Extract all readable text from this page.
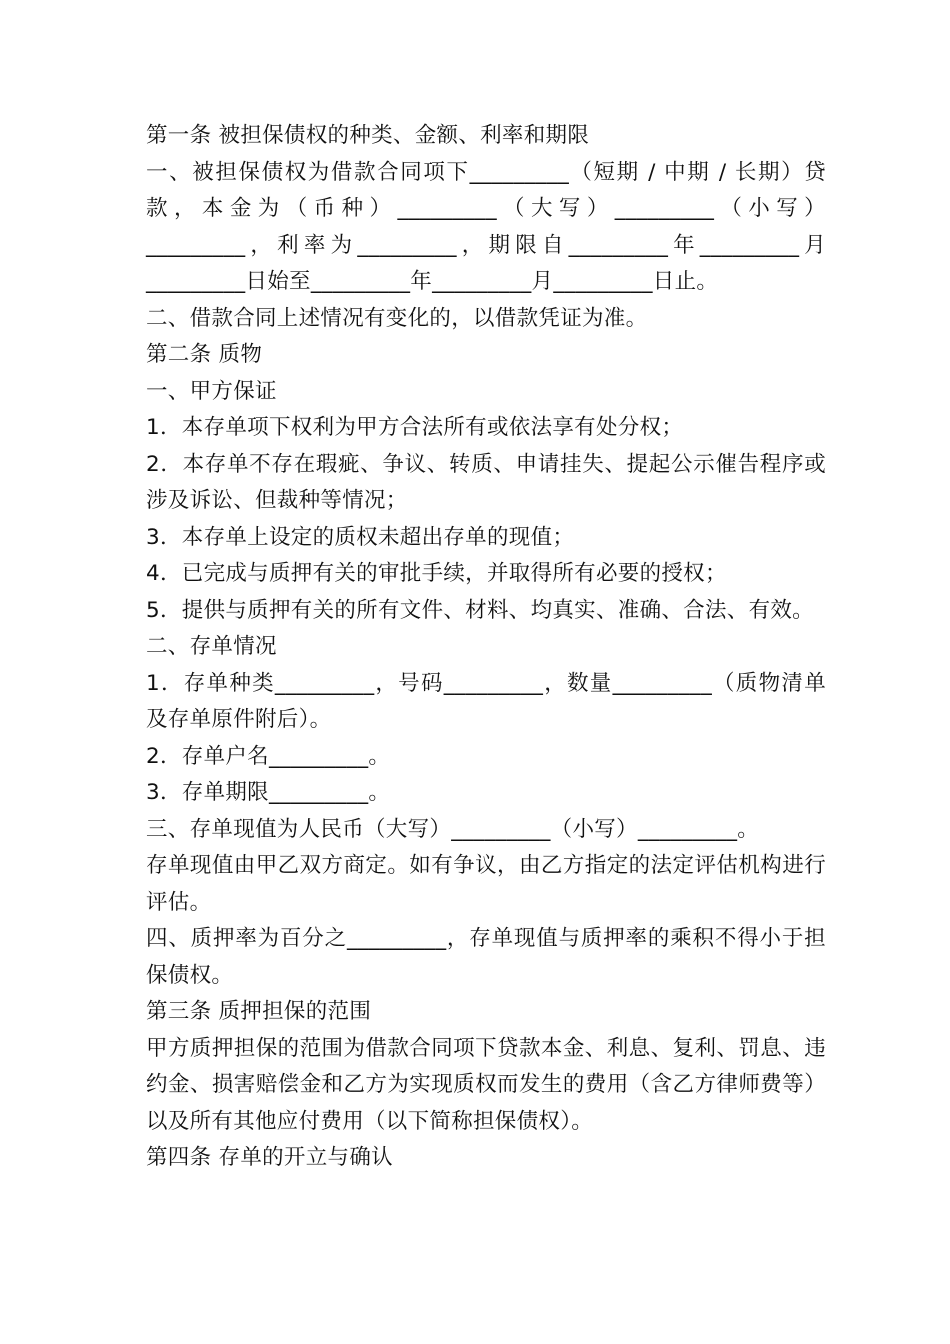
第一条 被担保债权的种类、金额、利率和期限

一、被担保债权为借款合同项下_________（短期 / 中期 / 长期）贷款，本金为（币种）_________（大写）_________（小写）_________，利率为_________，期限自_________年_________月_________日始至_________年_________月_________日止。

二、借款合同上述情况有变化的，以借款凭证为准。

第二条 质物

一、甲方保证

1．本存单项下权利为甲方合法所有或依法享有处分权；

2．本存单不存在瑕疵、争议、转质、申请挂失、提起公示催告程序或涉及诉讼、但裁种等情况；

3．本存单上设定的质权未超出存单的现值；

4．已完成与质押有关的审批手续，并取得所有必要的授权；

5．提供与质押有关的所有文件、材料、均真实、准确、合法、有效。

二、存单情况

1．存单种类_________，号码_________，数量_________（质物清单及存单原件附后）。

2．存单户名_________。

3．存单期限_________。

三、存单现值为人民币（大写）_________（小写）_________。

存单现值由甲乙双方商定。如有争议，由乙方指定的法定评估机构进行评估。

四、质押率为百分之_________，存单现值与质押率的乘积不得小于担保债权。

第三条 质押担保的范围

甲方质押担保的范围为借款合同项下贷款本金、利息、复利、罚息、违约金、损害赔偿金和乙方为实现质权而发生的费用（含乙方律师费等）以及所有其他应付费用（以下简称担保债权）。

第四条 存单的开立与确认
